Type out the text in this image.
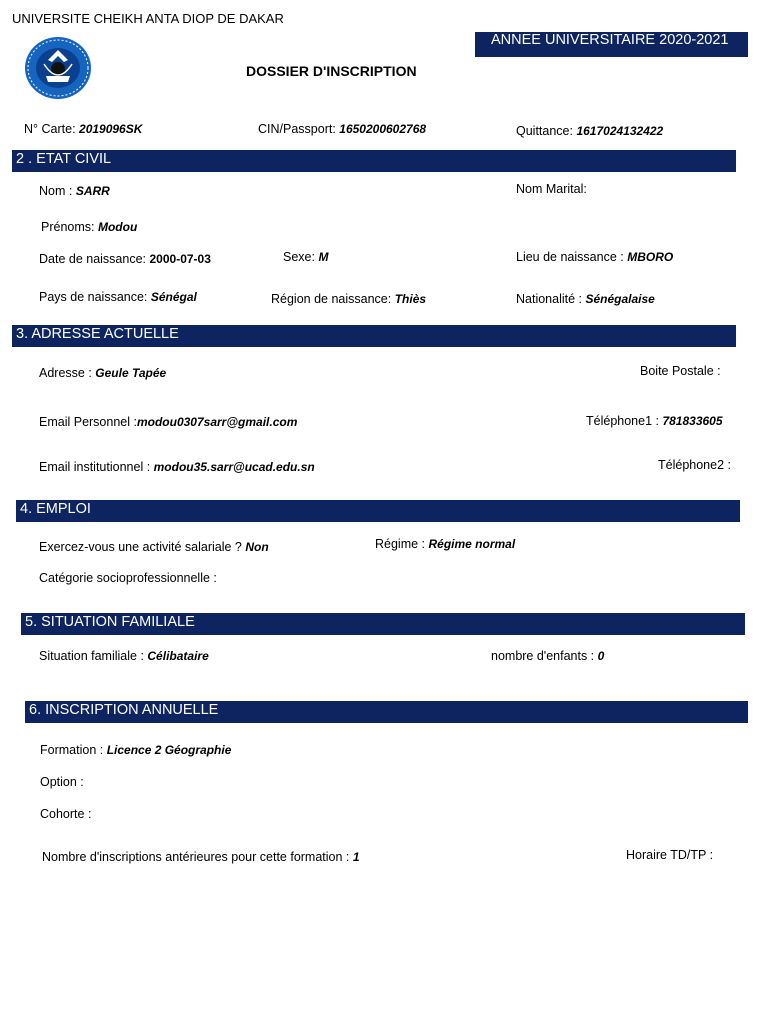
UNIVERSITE CHEIKH ANTA DIOP DE DAKAR
ANNEE UNIVERSITAIRE 2020-2021
DOSSIER D'INSCRIPTION
N° Carte: 2019096SK	CIN/Passport: 1650200602768	Quittance: 1617024132422
2 . ETAT CIVIL
Nom : SARR	Nom Marital:
Prénoms: Modou
Date de naissance: 2000-07-03	Sexe: M	Lieu de naissance : MBORO
Pays de naissance: Sénégal	Région de naissance: Thiès	Nationalité : Sénégalaise
3. ADRESSE ACTUELLE
Adresse : Geule Tapée	Boite Postale :
Email Personnel :modou0307sarr@gmail.com	Téléphone1 : 781833605
Email institutionnel : modou35.sarr@ucad.edu.sn	Téléphone2 :
4. EMPLOI
Exercez-vous une activité salariale ? Non	Régime : Régime normal
Catégorie socioprofessionnelle :
5. SITUATION FAMILIALE
Situation familiale : Célibataire	nombre d'enfants : 0
6. INSCRIPTION ANNUELLE
Formation : Licence 2 Géographie
Option :
Cohorte :
Nombre d'inscriptions antérieures pour cette formation : 1	Horaire TD/TP :
